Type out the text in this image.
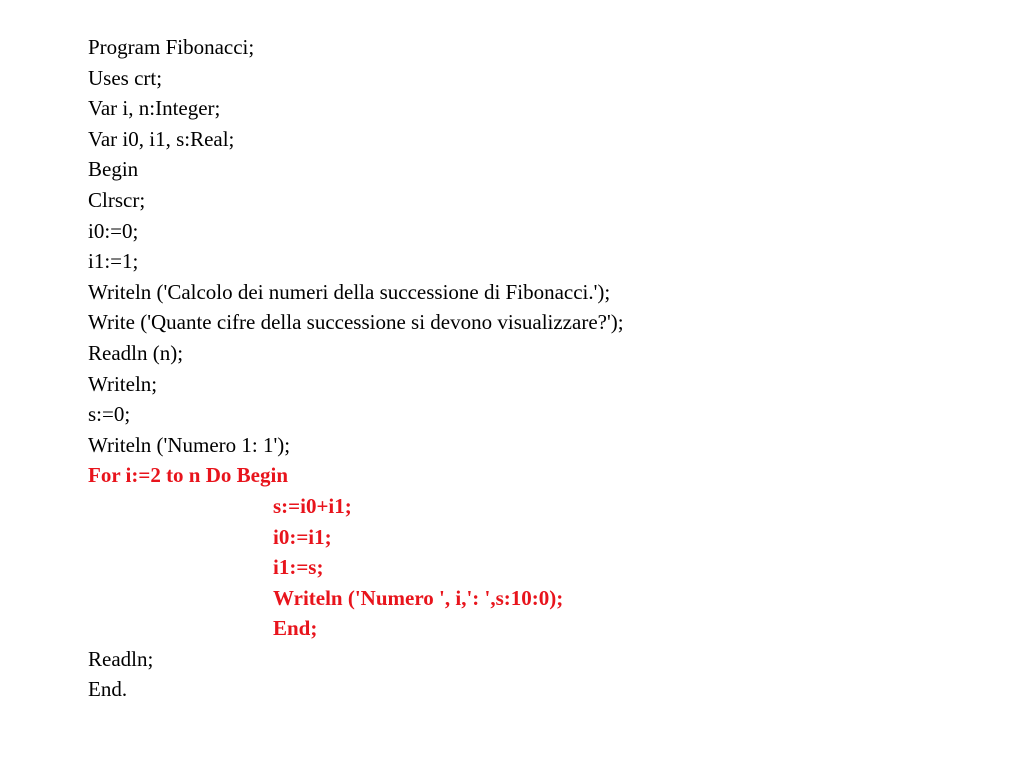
Program Fibonacci;
Uses crt;
Var i, n:Integer;
Var i0, i1, s:Real;
Begin
Clrscr;
i0:=0;
i1:=1;
Writeln ('Calcolo dei numeri della successione di Fibonacci.');
Write ('Quante cifre della successione si devono visualizzare?');
Readln (n);
Writeln;
s:=0;
Writeln ('Numero 1: 1');
For i:=2 to n Do Begin
s:=i0+i1;
i0:=i1;
i1:=s;
Writeln ('Numero ', i,': ',s:10:0);
End;
Readln;
End.
